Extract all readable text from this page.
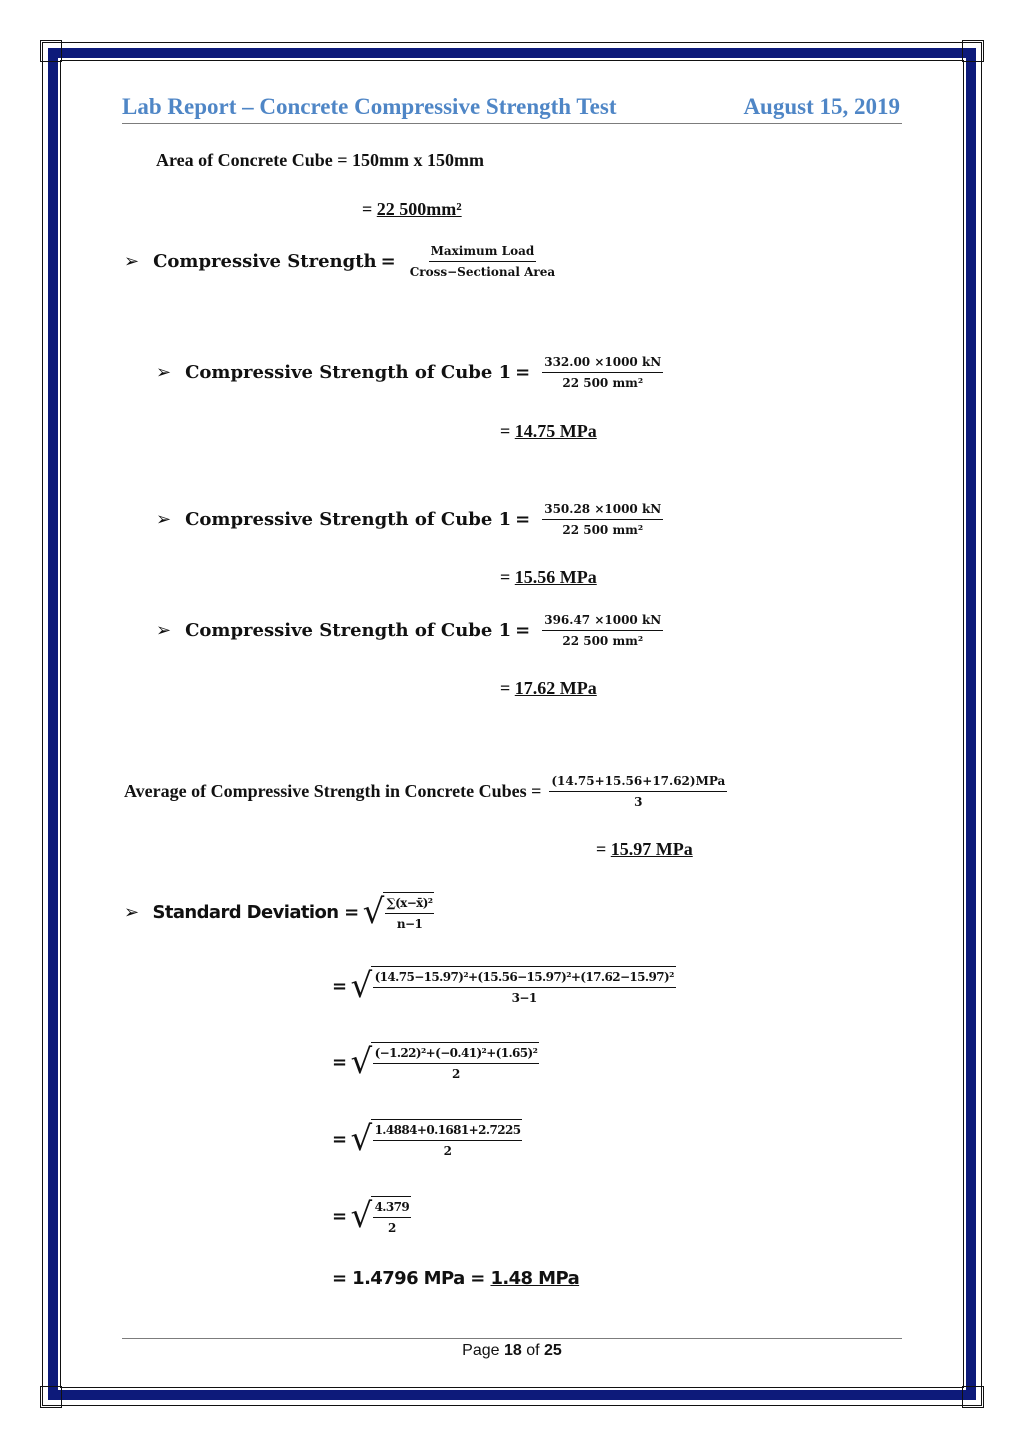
Lab Report – Concrete Compressive Strength Test	August 15, 2019
Area of Concrete Cube = 150mm x 150mm
= 22 500mm²
➢ Compressive Strength = $\frac{\text{Maximum Load}}{\text{Cross−Sectional Area}}$
➢ Compressive Strength of Cube $1 = \frac{332.00 \times 1000 kN}{\text{22 500 mm²}}$
= 14.75 MPa
➢ Compressive Strength of Cube $1 = \frac{350.28 \times 1000 kN}{\text{22 500 mm²}}$
= 15.56 MPa
➢ Compressive Strength of Cube $1 = \frac{396.47 \times 1000 kN}{\text{22 500 mm²}}$
= 17.62 MPa
Average of Compressive Strength in Concrete Cubes = $\frac{\text{(14.75+15.56+17.62)MPa}}{3}$
= 15.97 MPa
➢ Standard Deviation = √ $\frac{\text{∑(x−x̄)²}}{n-1}$
= √ $\frac{\text{(14.75−15.97)²+(15.56−15.97)²+(17.62−15.97)²}}{3-1}$
= √ $\frac{\text{(−1.22)²+(−0.41)²+(1.65)²}}{2}$
= √ $\frac{1.4884+0.1681+2.7225}{2}$
= √ $\frac{4.379}{2}$
= 1.4796 MPa = 1.48 MPa
Page 18 of 25
